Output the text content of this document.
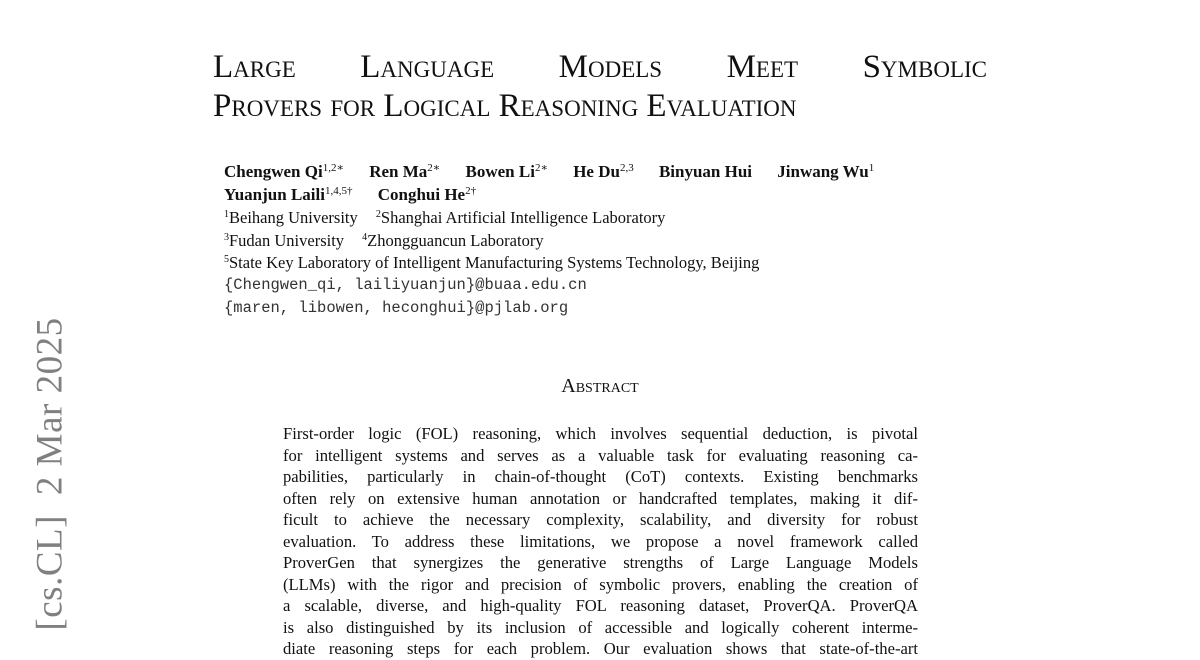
[cs.CL]2 Mar 2025
Large Language Models Meet Symbolic
Provers for Logical Reasoning Evaluation
Chengwen $Qi^{1,2∗}$ Ren $Ma^{2∗}$ Bowen $Li^{2∗}$ He Du$^{2,3}$ Binyuan Hui Jinwang Wu$^1$
Yuanjun Laili$^{1,4,5\dagger}$ Conghui $He^{2\dagger}$
$^1$Beihang University $^2$Shanghai Artificial Intelligence Laboratory
$^3$Fudan University $^4$Zhongguancun Laboratory
$^5$State Key Laboratory of Intelligent Manufacturing Systems Technology, Beijing
{Chengwen_qi, lailiyuanjun}@buaa.edu.cn
{maren, libowen, heconghui}@pjlab.org
Abstract
First-order logic (FOL) reasoning, which involves sequential deduction, is pivotal
for intelligent systems and serves as a valuable task for evaluating reasoning ca-
pabilities, particularly in chain-of-thought (CoT) contexts. Existing benchmarks
often rely on extensive human annotation or handcrafted templates, making it dif-
ficult to achieve the necessary complexity, scalability, and diversity for robust
evaluation. To address these limitations, we propose a novel framework called
ProverGen that synergizes the generative strengths of Large Language Models
(LLMs) with the rigor and precision of symbolic provers, enabling the creation of
a scalable, diverse, and high-quality FOL reasoning dataset, ProverQA. ProverQA
is also distinguished by its inclusion of accessible and logically coherent interme-
diate reasoning steps for each problem. Our evaluation shows that state-of-the-art
